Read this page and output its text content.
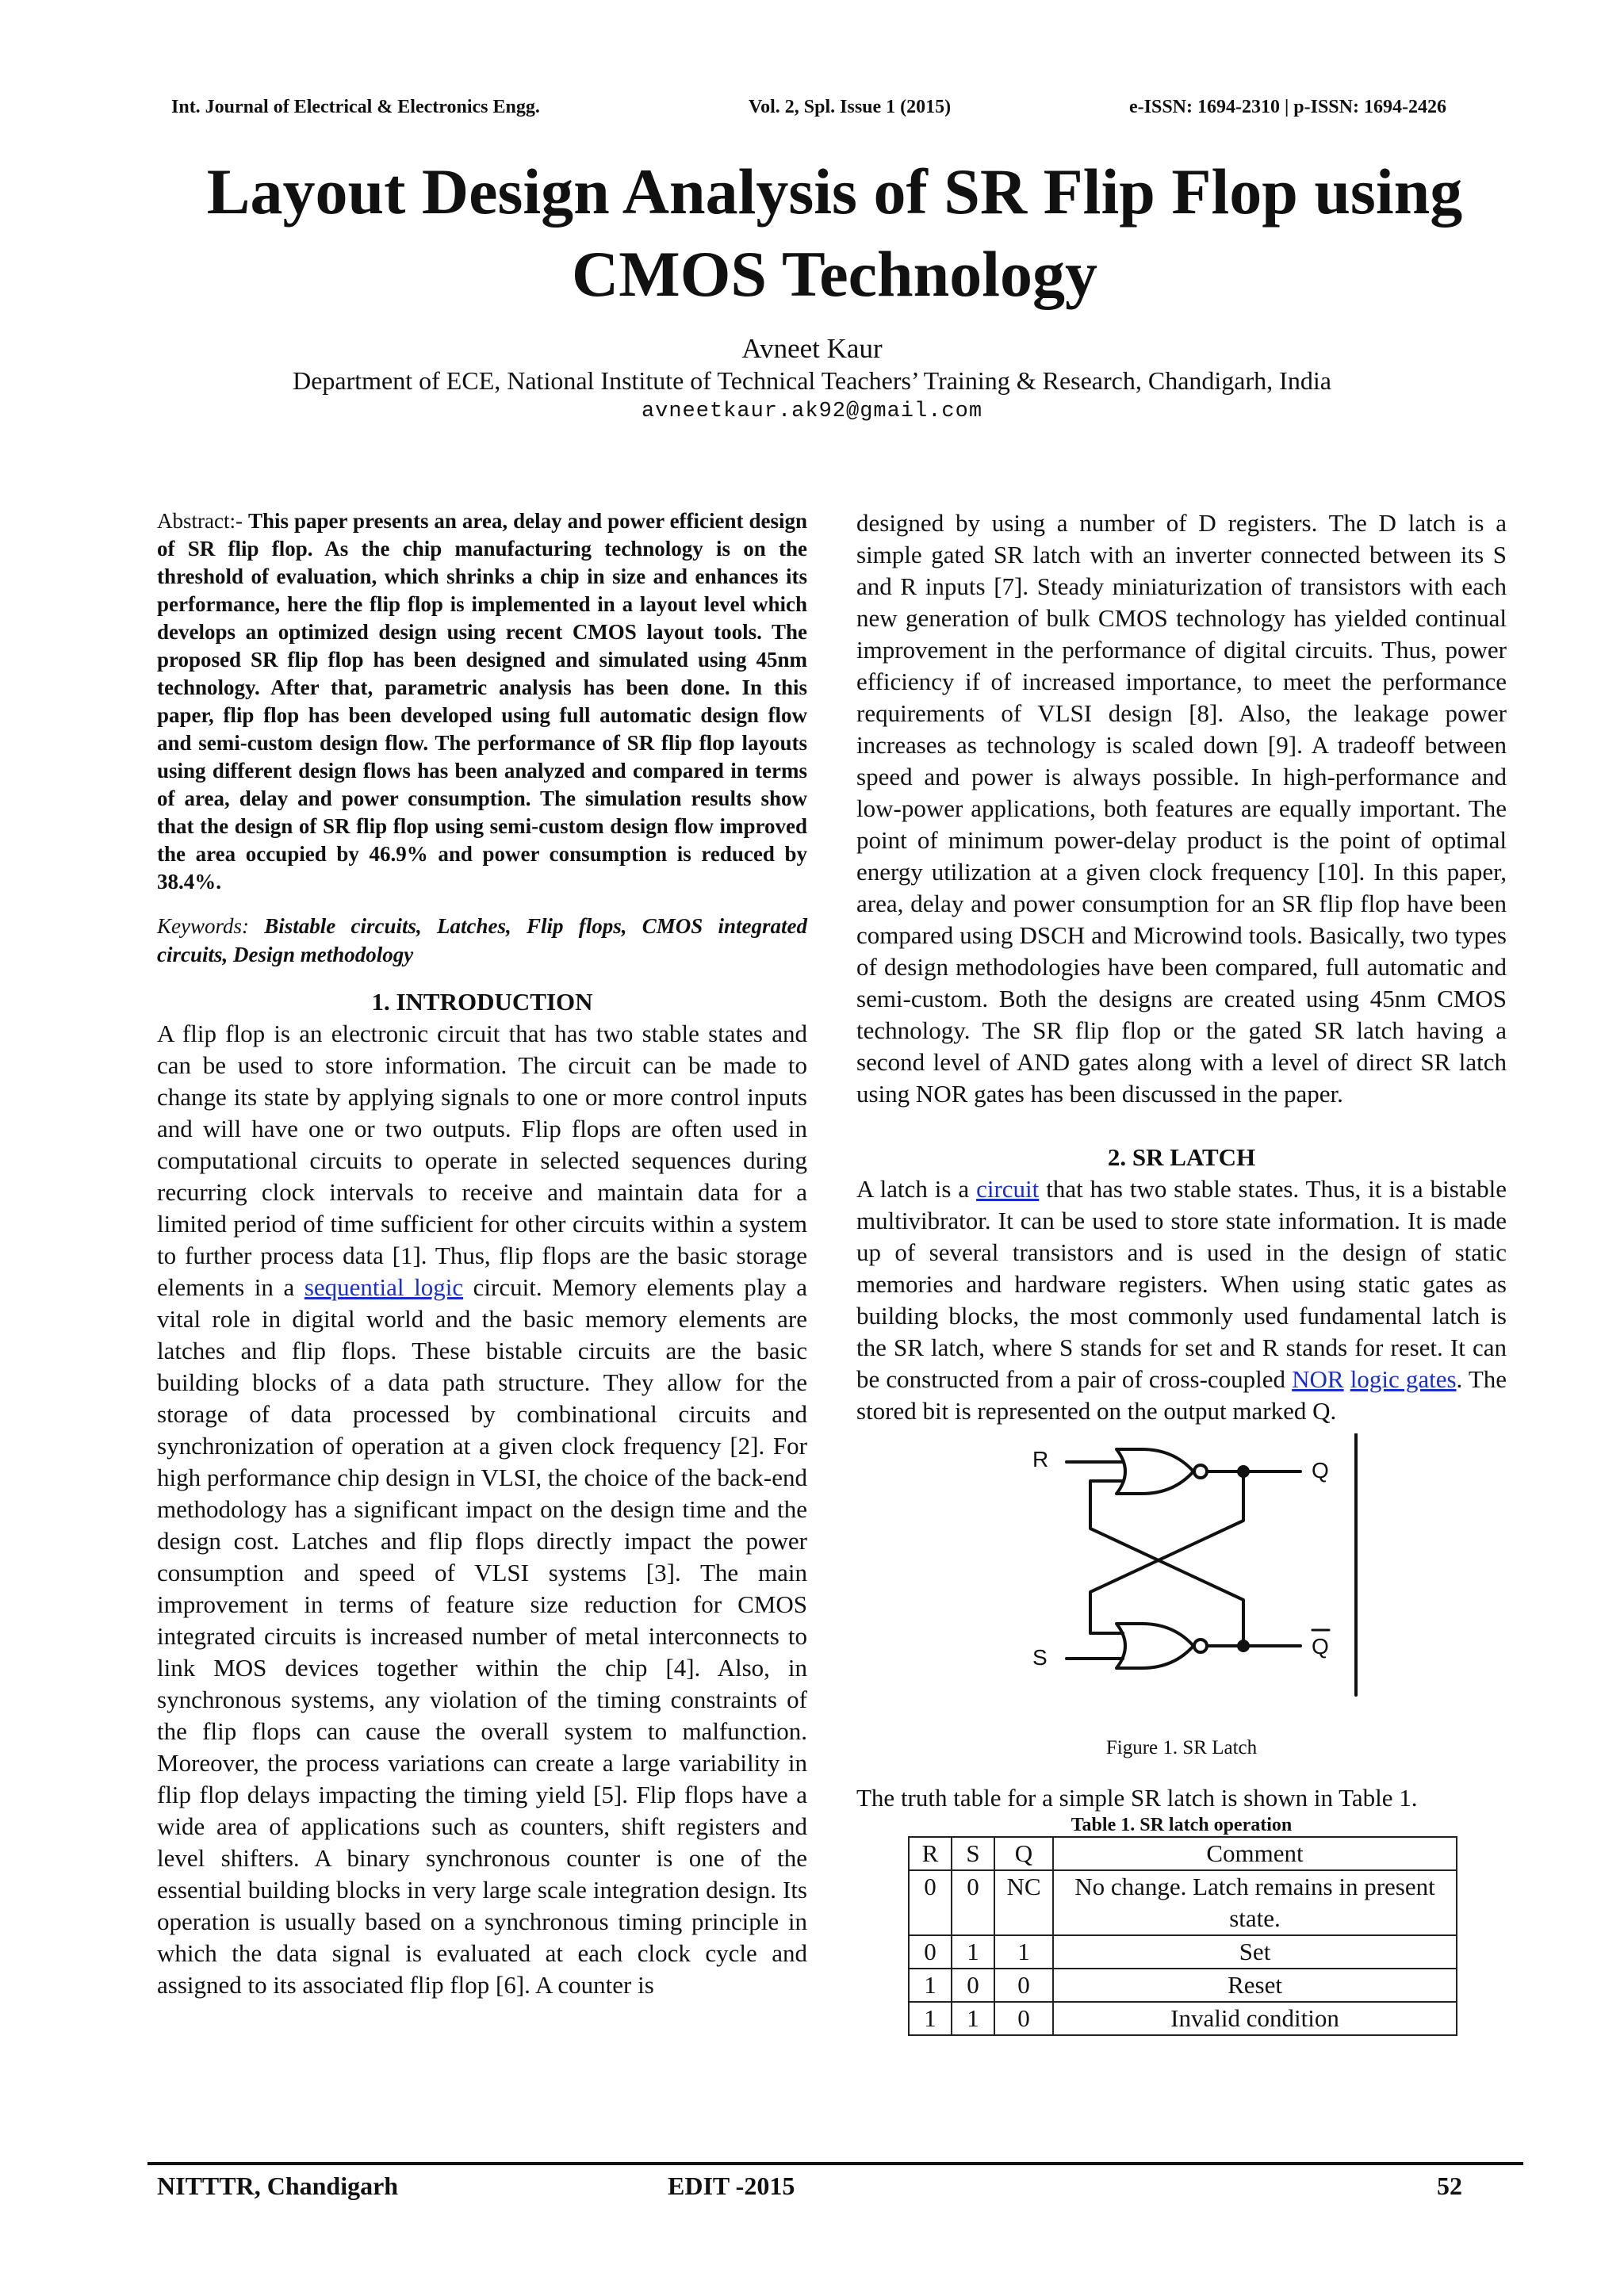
Int. Journal of Electrical & Electronics Engg.	Vol. 2, Spl. Issue 1 (2015)	e-ISSN: 1694-2310 | p-ISSN: 1694-2426
Layout Design Analysis of SR Flip Flop using CMOS Technology
Avneet Kaur
Department of ECE, National Institute of Technical Teachers’ Training & Research, Chandigarh, India
avneetkaur.ak92@gmail.com

Abstract:- This paper presents an area, delay and power efficient design of SR flip flop. As the chip manufacturing technology is on the threshold of evaluation, which shrinks a chip in size and enhances its performance, here the flip flop is implemented in a layout level which develops an optimized design using recent CMOS layout tools. The proposed SR flip flop has been designed and simulated using 45nm technology. After that, parametric analysis has been done. In this paper, flip flop has been developed using full automatic design flow and semi-custom design flow. The performance of SR flip flop layouts using different design flows has been analyzed and compared in terms of area, delay and power consumption. The simulation results show that the design of SR flip flop using semi-custom design flow improved the area occupied by 46.9% and power consumption is reduced by 38.4%.

Keywords: Bistable circuits, Latches, Flip flops, CMOS integrated circuits, Design methodology

1. INTRODUCTION

A flip flop is an electronic circuit that has two stable states and can be used to store information. The circuit can be made to change its state by applying signals to one or more control inputs and will have one or two outputs. Flip flops are often used in computational circuits to operate in selected sequences during recurring clock intervals to receive and maintain data for a limited period of time sufficient for other circuits within a system to further process data [1]. Thus, flip flops are the basic storage elements in a sequential logic circuit. Memory elements play a vital role in digital world and the basic memory elements are latches and flip flops. These bistable circuits are the basic building blocks of a data path structure. They allow for the storage of data processed by combinational circuits and synchronization of operation at a given clock frequency [2]. For high performance chip design in VLSI, the choice of the back-end methodology has a significant impact on the design time and the design cost. Latches and flip flops directly impact the power consumption and speed of VLSI systems [3]. The main improvement in terms of feature size reduction for CMOS integrated circuits is increased number of metal interconnects to link MOS devices together within the chip [4]. Also, in synchronous systems, any violation of the timing constraints of the flip flops can cause the overall system to malfunction. Moreover, the process variations can create a large variability in flip flop delays impacting the timing yield [5]. Flip flops have a wide area of applications such as counters, shift registers and level shifters. A binary synchronous counter is one of the essential building blocks in very large scale integration design. Its operation is usually based on a synchronous timing principle in which the data signal is evaluated at each clock cycle and assigned to its associated flip flop [6]. A counter is

designed by using a number of D registers. The D latch is a simple gated SR latch with an inverter connected between its S and R inputs [7]. Steady miniaturization of transistors with each new generation of bulk CMOS technology has yielded continual improvement in the performance of digital circuits. Thus, power efficiency if of increased importance, to meet the performance requirements of VLSI design [8]. Also, the leakage power increases as technology is scaled down [9]. A tradeoff between speed and power is always possible. In high-performance and low-power applications, both features are equally important. The point of minimum power-delay product is the point of optimal energy utilization at a given clock frequency [10]. In this paper, area, delay and power consumption for an SR flip flop have been compared using DSCH and Microwind tools. Basically, two types of design methodologies have been compared, full automatic and semi-custom. Both the designs are created using 45nm CMOS technology. The SR flip flop or the gated SR latch having a second level of AND gates along with a level of direct SR latch using NOR gates has been discussed in the paper.

2. SR LATCH

A latch is a circuit that has two stable states. Thus, it is a bistable multivibrator. It can be used to store state information. It is made up of several transistors and is used in the design of static memories and hardware registers. When using static gates as building blocks, the most commonly used fundamental latch is the SR latch, where S stands for set and R stands for reset. It can be constructed from a pair of cross-coupled NOR logic gates. The stored bit is represented on the output marked Q.

R
S
Q
Q

Figure 1. SR Latch

The truth table for a simple SR latch is shown in Table 1.

Table 1. SR latch operation

R	S	Q	Comment
0	0	NC	No change. Latch remains in present state.
0	1	1	Set
1	0	0	Reset
1	1	0	Invalid condition
NITTTR, Chandigarh	EDIT -2015	52
